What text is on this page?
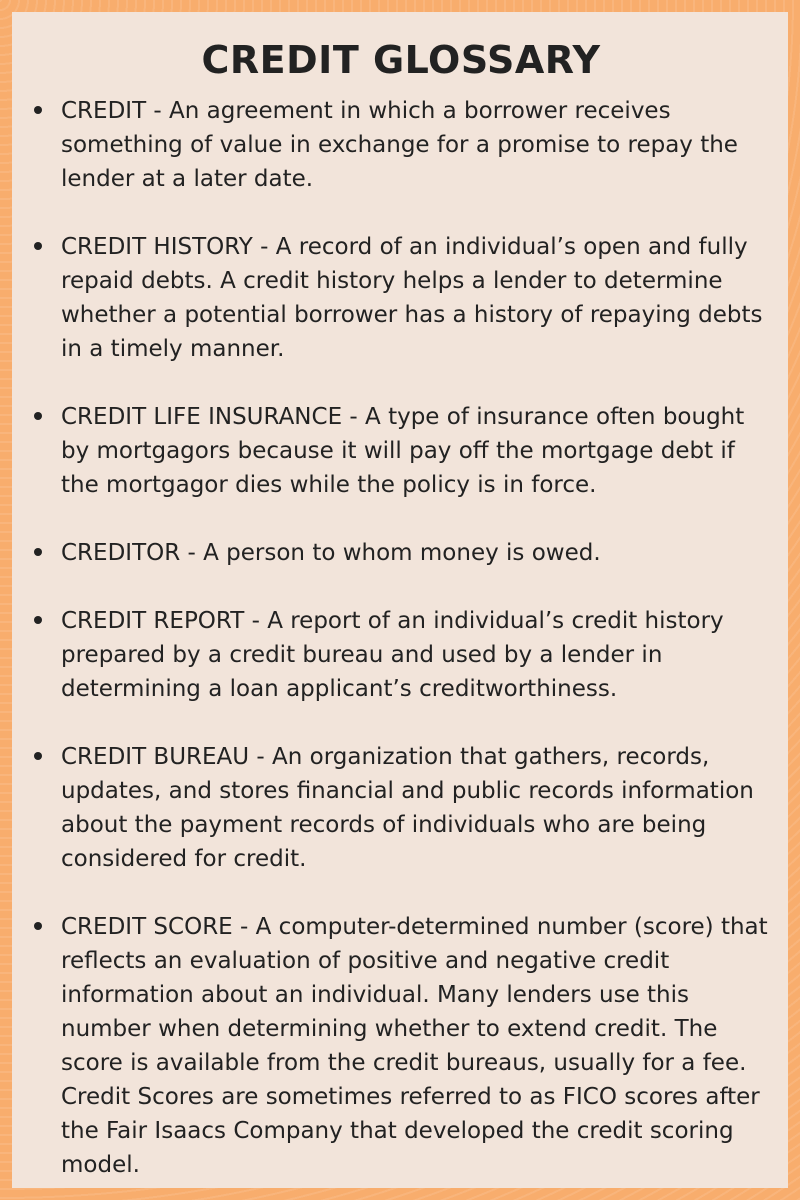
CREDIT GLOSSARY
CREDIT - An agreement in which a borrower receives something of value in exchange for a promise to repay the lender at a later date.
CREDIT HISTORY - A record of an individual’s open and fully repaid debts. A credit history helps a lender to determine whether a potential borrower has a history of repaying debts in a timely manner.
CREDIT LIFE INSURANCE - A type of insurance often bought by mortgagors because it will pay off the mortgage debt if the mortgagor dies while the policy is in force.
CREDITOR - A person to whom money is owed.
CREDIT REPORT - A report of an individual’s credit history prepared by a credit bureau and used by a lender in determining a loan applicant’s creditworthiness.
CREDIT BUREAU - An organization that gathers, records, updates, and stores financial and public records information about the payment records of individuals who are being considered for credit.
CREDIT SCORE - A computer-determined number (score) that reflects an evaluation of positive and negative credit information about an individual. Many lenders use this number when determining whether to extend credit. The score is available from the credit bureaus, usually for a fee. Credit Scores are sometimes referred to as FICO scores after the Fair Isaacs Company that developed the credit scoring model.
